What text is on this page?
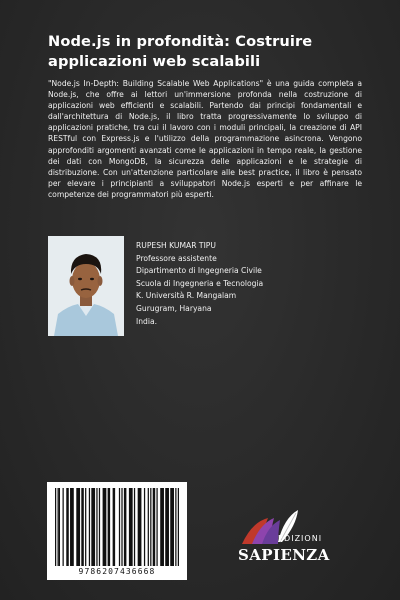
Node.js in profondità: Costruire applicazioni web scalabili

"Node.js In-Depth: Building Scalable Web Applications" è una guida completa a Node.js, che offre ai lettori un'immersione profonda nella costruzione di applicazioni web efficienti e scalabili. Partendo dai principi fondamentali e dall'architettura di Node.js, il libro tratta progressivamente lo sviluppo di applicazioni pratiche, tra cui il lavoro con i moduli principali, la creazione di API RESTful con Express.js e l'utilizzo della programmazione asincrona. Vengono approfonditi argomenti avanzati come le applicazioni in tempo reale, la gestione dei dati con MongoDB, la sicurezza delle applicazioni e le strategie di distribuzione. Con un'attenzione particolare alle best practice, il libro è pensato per elevare i principianti a sviluppatori Node.js esperti e per affinare le competenze dei programmatori più esperti.

RUPESH KUMAR TIPU
Professore assistente
Dipartimento di Ingegneria Civile
Scuola di Ingegneria e Tecnologia
K. Università R. Mangalam
Gurugram, Haryana
India.
9786207436668
EDIZIONI
SAPIENZA
